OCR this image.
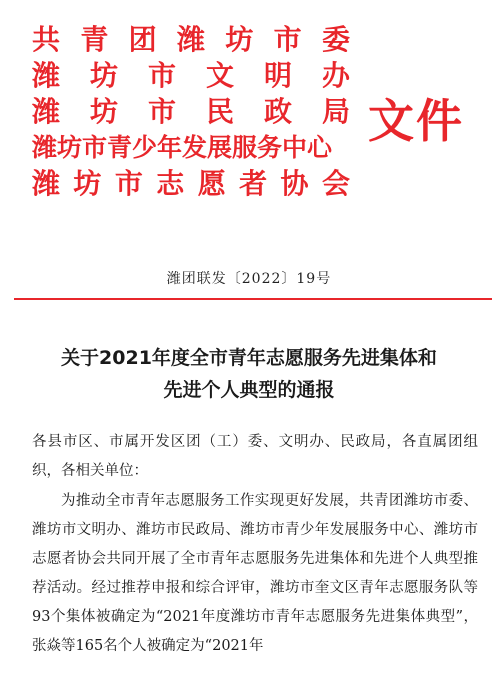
共青团潍坊市委
潍坊市文明办
潍坊市民政局
潍坊市青少年发展服务中心
潍坊市志愿者协会
文件
潍团联发〔2022〕19号
关于2021年度全市青年志愿服务先进集体和
先进个人典型的通报
各县市区、市属开发区团（工）委、文明办、民政局，各直属团组织，各相关单位：
为推动全市青年志愿服务工作实现更好发展，共青团潍坊市委、潍坊市文明办、潍坊市民政局、潍坊市青少年发展服务中心、潍坊市志愿者协会共同开展了全市青年志愿服务先进集体和先进个人典型推荐活动。经过推荐申报和综合评审，潍坊市奎文区青年志愿服务队等93个集体被确定为“2021年度潍坊市青年志愿服务先进集体典型”，张焱等165名个人被确定为“2021年
